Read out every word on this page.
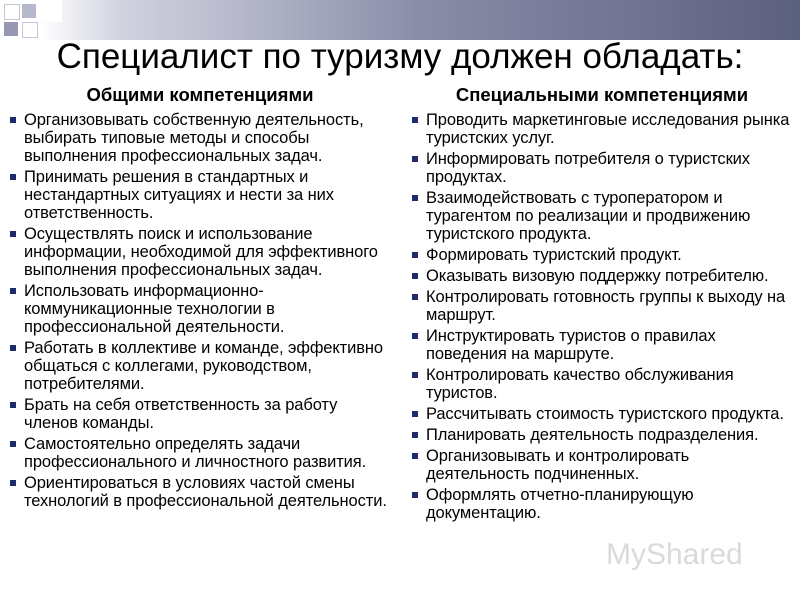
Специалист по туризму должен обладать:
Общими компетенциями
Организовывать собственную деятельность, выбирать типовые методы и способы выполнения профессиональных задач.
Принимать решения в стандартных и нестандартных ситуациях и нести за них ответственность.
Осуществлять поиск и использование информации, необходимой для эффективного выполнения профессиональных задач.
Использовать информационно-коммуникационные технологии в профессиональной деятельности.
Работать в коллективе и команде, эффективно общаться с коллегами, руководством, потребителями.
Брать на себя ответственность за работу членов команды.
Самостоятельно определять задачи профессионального и личностного развития.
Ориентироваться в условиях частой смены технологий в профессиональной деятельности.
Специальными компетенциями
Проводить маркетинговые исследования рынка туристских услуг.
Информировать потребителя о туристских продуктах.
Взаимодействовать с туроператором и турагентом по реализации и продвижению туристского продукта.
Формировать туристский продукт.
Оказывать визовую поддержку потребителю.
Контролировать готовность группы к выходу на маршрут.
Инструктировать туристов о правилах поведения на маршруте.
Контролировать качество обслуживания туристов.
Рассчитывать стоимость туристского продукта.
Планировать деятельность подразделения.
Организовывать и контролировать деятельность подчиненных.
Оформлять отчетно-планирующую документацию.
MyShared
